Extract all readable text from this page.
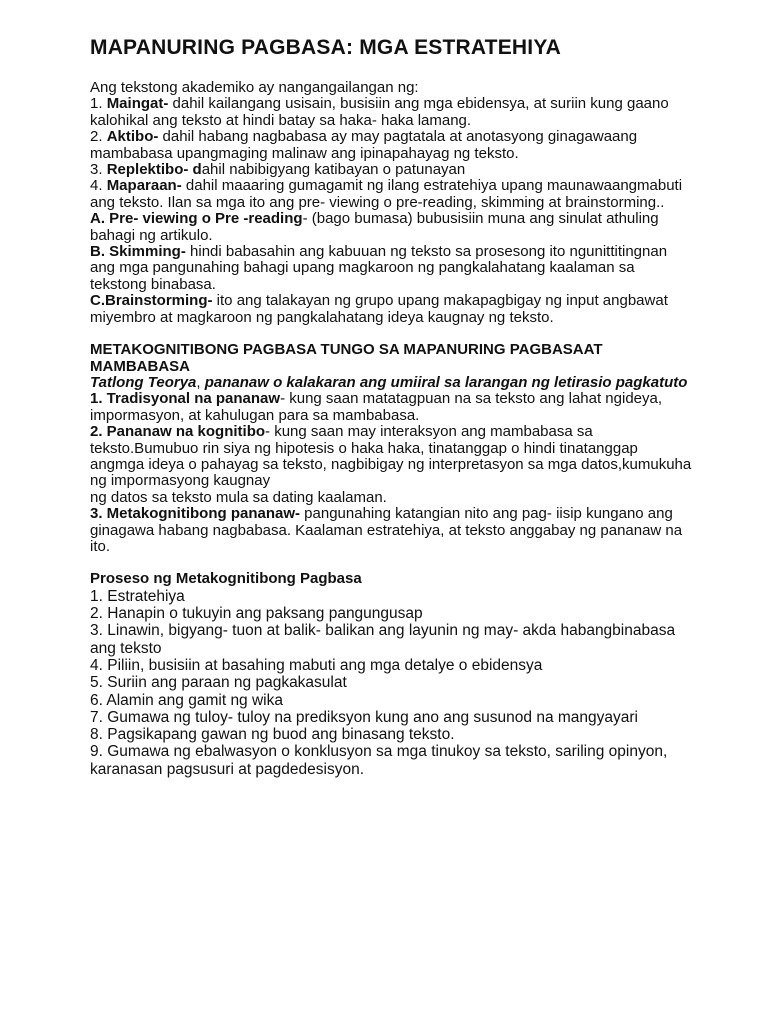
MAPANURING PAGBASA: MGA ESTRATEHIYA

Ang tekstong akademiko ay nangangailangan ng:

1. Maingat- dahil kailangang usisain, busisiin ang mga ebidensya, at suriin kung gaano kalohikal ang teksto at hindi batay sa haka- haka lamang.

2. Aktibo- dahil habang nagbabasa ay may pagtatala at anotasyong ginagawaang mambabasa upangmaging malinaw ang ipinapahayag ng teksto.

3. Replektibo- dahil nabibigyang katibayan o patunayan

4. Maparaan- dahil maaaring gumagamit ng ilang estratehiya upang maunawaangmabuti ang teksto. Ilan sa mga ito ang pre- viewing o pre-reading, skimming at brainstorming..

A. Pre- viewing o Pre -reading- (bago bumasa) bubusisiin muna ang sinulat athuling bahagi ng artikulo.

B. Skimming- hindi babasahin ang kabuuan ng teksto sa prosesong ito ngunittitingnan ang mga pangunahing bahagi upang magkaroon ng pangkalahatang kaalaman sa tekstong binabasa.

C.Brainstorming- ito ang talakayan ng grupo upang makapagbigay ng input angbawat miyembro at magkaroon ng pangkalahatang ideya kaugnay ng teksto.

METAKOGNITIBONG PAGBASA TUNGO SA MAPANURING PAGBASAAT MAMBABASA

Tatlong Teorya, pananaw o kalakaran ang umiiral sa larangan ng letirasio pagkatuto

1. Tradisyonal na pananaw- kung saan matatagpuan na sa teksto ang lahat ngideya, impormasyon, at kahulugan para sa mambabasa.

2. Pananaw na kognitibo- kung saan may interaksyon ang mambabasa sa teksto.Bumubuo rin siya ng hipotesis o haka haka, tinatanggap o hindi tinatanggap angmga ideya o pahayag sa teksto, nagbibigay ng interpretasyon sa mga datos,kumukuha ng impormasyong kaugnay

ng datos sa teksto mula sa dating kaalaman.

3. Metakognitibong pananaw- pangunahing katangian nito ang pag- iisip kungano ang ginagawa habang nagbabasa. Kaalaman estratehiya, at teksto anggabay ng pananaw na ito.

Proseso ng Metakognitibong Pagbasa

1. Estratehiya

2. Hanapin o tukuyin ang paksang pangungusap

3. Linawin, bigyang- tuon at balik- balikan ang layunin ng may- akda habangbinabasa

ang teksto

4. Piliin, busisiin at basahing mabuti ang mga detalye o ebidensya

5. Suriin ang paraan ng pagkakasulat

6. Alamin ang gamit ng wika

7. Gumawa ng tuloy- tuloy na prediksyon kung ano ang susunod na mangyayari

8. Pagsikapang gawan ng buod ang binasang teksto.

9. Gumawa ng ebalwasyon o konklusyon sa mga tinukoy sa teksto, sariling opinyon,

karanasan pagsusuri at pagdedesisyon.
